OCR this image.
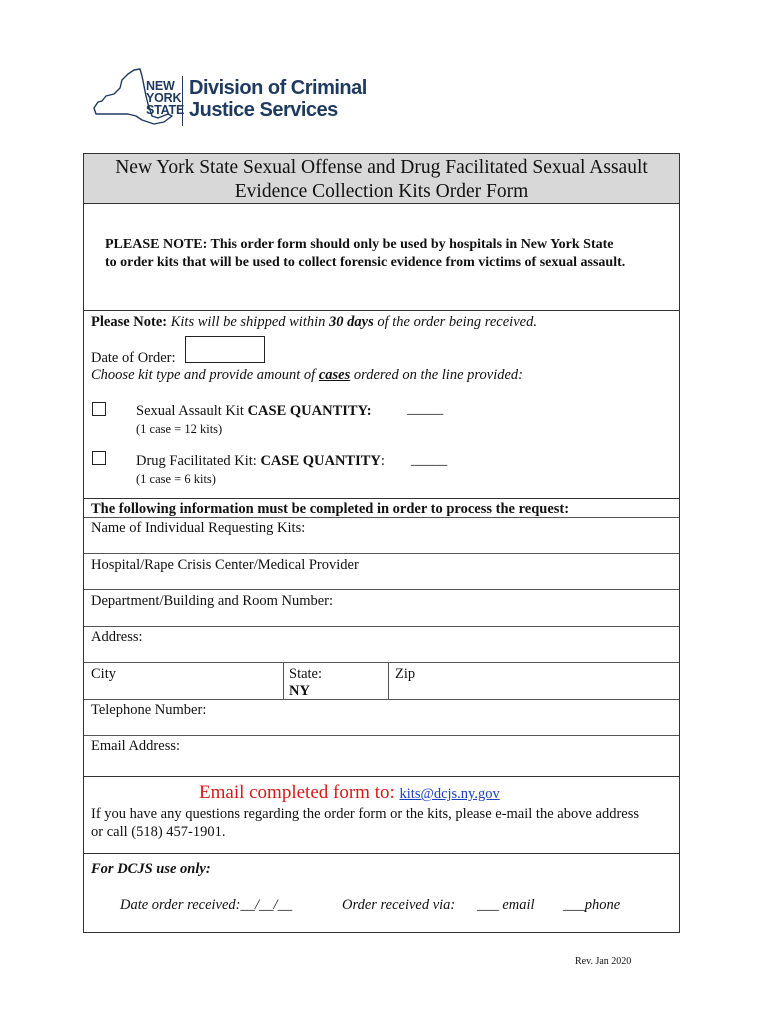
NEW
YORK
STATE
Division of Criminal
Justice Services
New York State Sexual Offense and Drug Facilitated Sexual Assault
Evidence Collection Kits Order Form
PLEASE NOTE: This order form should only be used by hospitals in New York State
to order kits that will be used to collect forensic evidence from victims of sexual assault.
Please Note: Kits will be shipped within 30 days of the order being received.
Date of Order:
Choose kit type and provide amount of cases ordered on the line provided:
Sexual Assault Kit CASE QUANTITY: _____
(1 case = 12 kits)
Drug Facilitated Kit: CASE QUANTITY: _____
(1 case = 6 kits)
The following information must be completed in order to process the request:
Name of Individual Requesting Kits:
Hospital/Rape Crisis Center/Medical Provider
Department/Building and Room Number:
Address:
City	State:
NY
Zip
Telephone Number:
Email Address:
Email completed form to: kits@dcjs.ny.gov
If you have any questions regarding the order form or the kits, please e-mail the above address
or call (518) 457-1901.
For DCJS use only:
Date order received:__/__/__	Order received via: ___ email ___phone
Rev. Jan 2020
